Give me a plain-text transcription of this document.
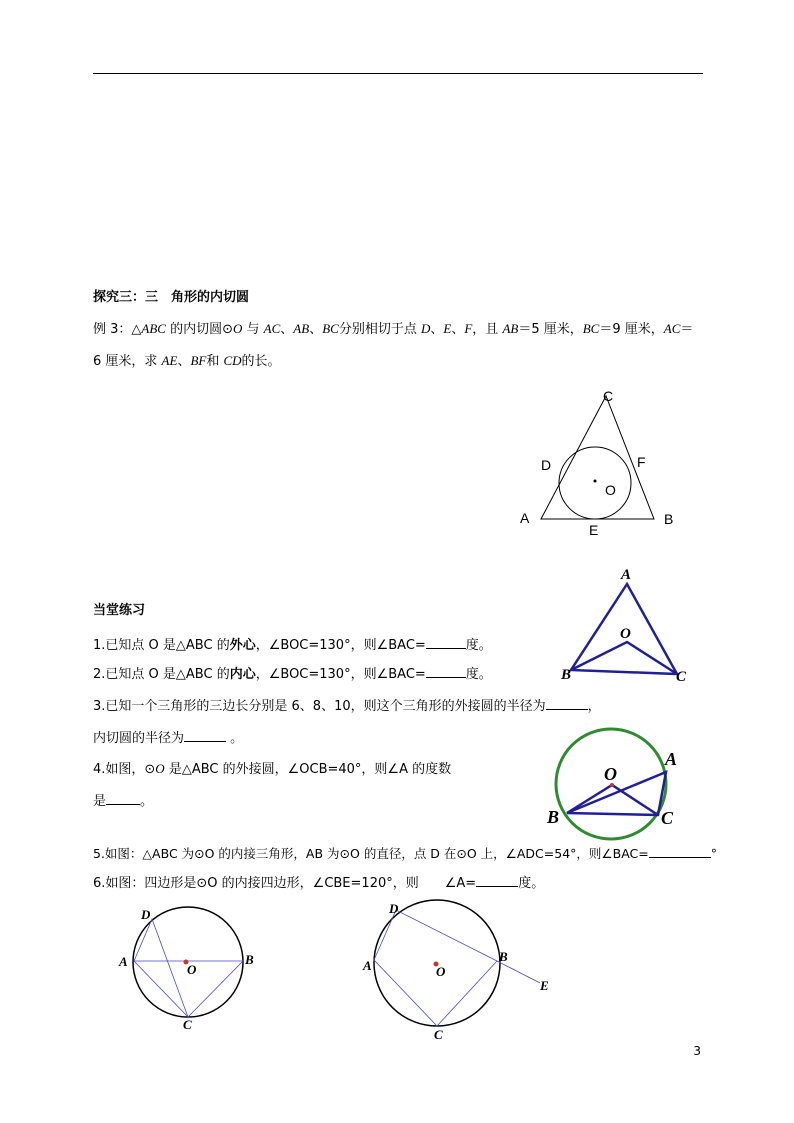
探究三：三　角形的内切圆
例 3：△ABC 的内切圆⊙O 与 AC、AB、BC分别相切于点 D、E、F，且 AB＝5 厘米，BC＝9 厘米，AC＝
6 厘米，求 AE、BF和 CD的长。
C
A	B
D	F
E
O
当堂练习
1.已知点 O 是△ABC 的外心，∠BOC=130°，则∠BAC=	度。
2.已知点 O 是△ABC 的内心，∠BOC=130°，则∠BAC=	度。
3.已知一个三角形的三边长分别是 6、8、10，则这个三角形的外接圆的半径为	，
内切圆的半径为	。
4.如图，⊙O 是△ABC 的外接圆，∠OCB=40°，则∠A 的度数
是	。
5.如图：△ABC 为⊙O 的内接三角形，AB 为⊙O 的直径，点 D 在⊙O 上，∠ADC=54°，则∠BAC=	°
6.如图：四边形是⊙O 的内接四边形，∠CBE=120°，则 ∠A=	度。
A
O
B	C
O
A
B	C
A	B
C
D
O	A
B
C
D
E
O
3
